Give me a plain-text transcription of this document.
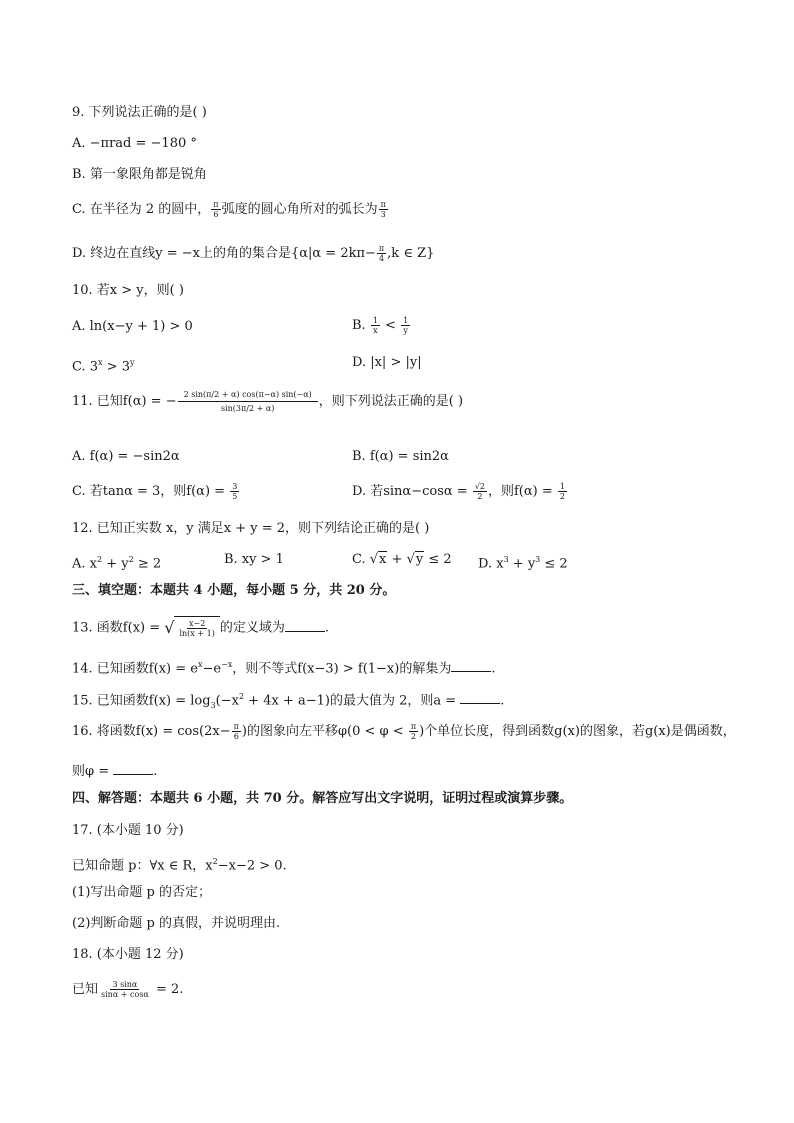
9. 下列说法正确的是( )
A. −πrad = −180 °
B. 第一象限角都是锐角
C. 在半径为 2 的圆中， $\frac{\pi}{6}$ 弧度的圆心角所对的弧长为 $\frac{\pi}{3}$
D. 终边在直线y = −x上的角的集合是{$\alpha|\alpha = 2k\pi- \frac{\pi}{4} ,k$ ∈ Z}
10. 若x > y，则( )
A. ln(x−y + 1) > 0	B. $\frac{1}{x} < \frac{1}{y}$
C. $3^x > 3^y$	D. |x| > |y|
11. 已知f(α) = − $\frac{2 \sin(\pi/2 + \alpha) \cos(\pi-\alpha) \sin(-\alpha)}{\sin(3\pi/2 + \alpha)}$ ，则下列说法正确的是( )
A. f(α) = −sin2α	B. f(α) = sin2α
C. 若tanα = 3，则$f(\alpha) = \frac{3}{5}$	D. 若$\sin\alpha-\cos\alpha = \frac{√2}{2}$ ，则$f(\alpha) = \frac{1}{2}$
12. 已知正实数 x，y 满足x + y = 2，则下列结论正确的是( )
A. $x^2 + y^2 \ge 2$	B. xy > 1	C. √x + √y ≤ 2 D. $x^3 + y^3 \le 2$
三、填空题：本题共 4 小题，每小题 5 分，共 20 分。
13. 函数f(x) = √ $\frac{x-2}{\ln(x + 1)}$ 的定义域为	.
14. 已知函数$f(x) = e^x-e^{-x}$，则不等式f(x−3) > f(1−x)的解集为	.
15. 已知函数$f(x) = \log_3(-x^2 + 4x + a-1)$的最大值为 2，则a =	.
16. 将函数$f(x) = \cos(2x- \frac{\pi}{6}$ )的图象向左平移$\varphi(0 < \varphi < \frac{\pi}{2}$ )个单位长度，得到函数g(x)的图象，若g(x)是偶函数，
则φ =	.
四、解答题：本题共 6 小题，共 70 分。解答应写出文字说明，证明过程或演算步骤。
17. (本小题 10 分)
已知命题 p：∀x ∈ R，$x^2-x-2 > 0$.
(1)写出命题 p 的否定；
(2)判断命题 p 的真假，并说明理由.
18. (本小题 12 分)
已知 $\frac{3 \sin\alpha}{\sin\alpha + \cos\alpha} = 2$.
